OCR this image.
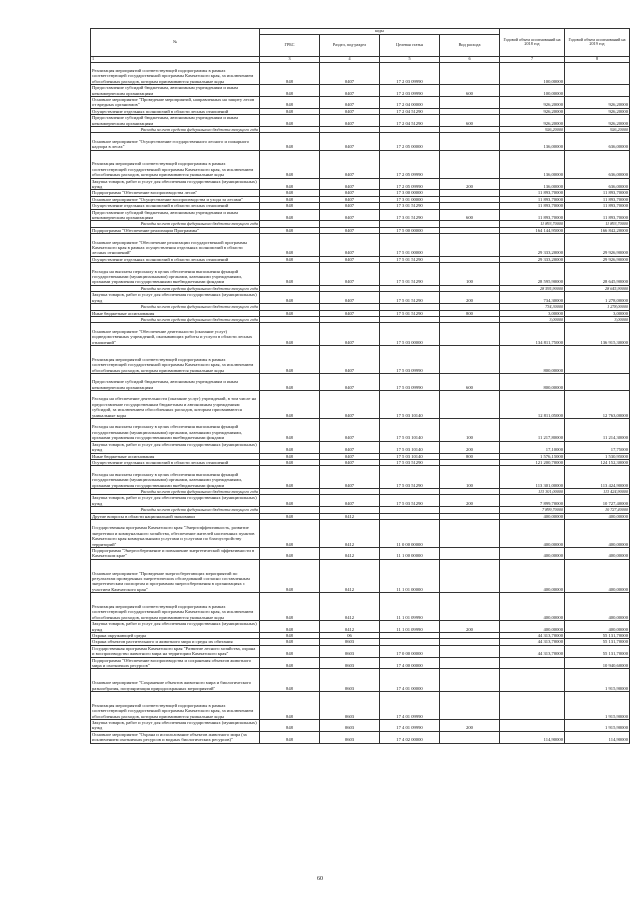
№	коды				Годовой объем ассигнований на 2018 год	Годовой объем ассигнований на 2019 год
	ГРБС	Раздел, под-раздел	Целевая статья	Вид расхода		
1	3	4	5	6	7	8
Реализация мероприятий соответствующей подпрограммы в рамках соответствующей государственной программы Камчатского края, за исключением обособленных расходов, которым присваиваются уникальные коды	848	0407	17 2 03 09990		100,00000	
Предоставление субсидий бюджетным, автономным учреждениям и иным некоммерческим организациям	848	0407	17 2 03 09990	600	100,00000	
Основное мероприятие "Проведение мероприятий, направленных на защиту лесов от вредных организмов"	848	0407	17 2 04 00000		926,20000	926,20000
Осуществление отдельных полномочий в области лесных отношений	848	0407	17 2 04 51290		926,20000	926,20000
Предоставление субсидий бюджетным, автономным учреждениям и иным некоммерческим организациям	848	0407	17 2 04 51290	600	926,20000	926,20000
Расходы за счет средств федерального бюджета текущего года					926,20000	926,20000
Основное мероприятие "Осуществление государственного лесного и пожарного надзора в лесах"	848	0407	17 2 05 00000		136,00000	636,00000
Реализация мероприятий соответствующей подпрограммы в рамках соответствующей государственной программы Камчатского края, за исключением обособленных расходов, которым присваиваются уникальные коды	848	0407	17 2 05 09990		136,00000	636,00000
Закупка товаров, работ и услуг для обеспечения государственных (муниципальных) нужд	848	0407	17 2 05 09990	200	136,00000	636,00000
Подпрограмма "Обеспечение воспроизводства лесов"	848	0407	17 3 00 00000		11 893,70000	11 893,70000
Основное мероприятие "Осуществление воспроизводства и ухода за лесами"	848	0407	17 3 01 00000		11 893,70000	11 893,70000
Осуществление отдельных полномочий в области лесных отношений	848	0407	17 3 01 51290		11 893,70000	11 893,70000
Предоставление субсидий бюджетным, автономным учреждениям и иным некоммерческим организациям	848	0407	17 3 01 51290	600	11 893,70000	11 893,70000
Расходы за счет средств федерального бюджета текущего года					11 893,70000	11 893,70000
Подпрограмма "Обеспечение реализации Программы"	848	0407	17 5 00 00000		164 144,95000	166 842,20000
Основное мероприятие "Обеспечение реализации государственной программы Камчатского края в рамках осуществления отдельных полномочий в области лесных отношений"	848	0407	17 5 01 00000		29 333,20000	29 926,90000
Осуществление отдельных полномочий в области лесных отношений	848	0407	17 5 01 51290		29 333,20000	29 926,90000
Расходы на выплаты персоналу в целях обеспечения выполнения функций государственными (муниципальными) органами, казенными учреждениями, органами управления государственными внебюджетными фондами	848	0407	17 5 01 51290	100	28 595,90000	28 645,90000
Расходы за счет средств федерального бюджета текущего года					28 595,90000	28 645,90000
Закупка товаров, работ и услуг для обеспечения государственных (муниципальных) нужд	848	0407	17 5 01 51290	200	734,30000	1 278,00000
Расходы за счет средств федерального бюджета текущего года					734,30000	1 278,00000
Иные бюджетные ассигнования	848	0407	17 5 01 51290	800	3,00000	3,00000
Расходы за счет средств федерального бюджета текущего года					3,00000	3,00000
Основное мероприятие "Обеспечение деятельности (оказание услуг) подведомственных учреждений, оказывающих работы и услуги в области лесных отношений"	848	0407	17 5 03 00000		134 811,75000	136 915,30000
Реализация мероприятий соответствующей подпрограммы в рамках соответствующей государственной программы Камчатского края, за исключением обособленных расходов, которым присваиваются уникальные коды	848	0407	17 5 03 09990		800,00000	
Предоставление субсидий бюджетным, автономным учреждениям и иным некоммерческим организациям	848	0407	17 5 03 09990	600	800,00000	
Расходы на обеспечение деятельности (оказание услуг) учреждений, в том числе на предоставление государственным бюджетным и автономным учреждениям субсидий, за исключением обособленных расходов, которым присваиваются уникальные коды	848	0407	17 5 03 10140		12 811,05000	12 763,00000
Расходы на выплаты персоналу в целях обеспечения выполнения функций государственными (муниципальными) органами, казенными учреждениями, органами управления государственными внебюджетными фондами	848	0407	17 5 03 10140	100	11 217,80000	11 214,30000
Закупка товаров, работ и услуг для обеспечения государственных (муниципальных) нужд	848	0407	17 5 03 10140	200	17,10000	17,75000
Иные бюджетные ассигнования	848	0407	17 5 03 10140	800	1 576,15000	1 530,95000
Осуществление отдельных полномочий в области лесных отношений	848	0407	17 5 03 51290		121 200,70000	124 152,30000
Расходы на выплаты персоналу в целях обеспечения выполнения функций государственными (муниципальными) органами, казенными учреждениями, органами управления государственными внебюджетными фондами	848	0407	17 5 03 51290	100	113 301,00000	113 424,90000
Расходы за счет средств федерального бюджета текущего года					113 301,00000	113 424,90000
Закупка товаров, работ и услуг для обеспечения государственных (муниципальных) нужд	848	0407	17 5 03 51290	200	7 899,70000	10 727,40000
Расходы за счет средств федерального бюджета текущего года					7 899,70000	10 727,40000
Другие вопросы в области национальной экономики	848	0412			400,00000	400,00000
Государственная программа Камчатского края "Энергоэффективность, развитие энергетики и коммунального хозяйства, обеспечение жителей населенных пунктов Камчатского края коммунальными услугами и услугами по благоустройству территорий"	848	0412	11 0 00 00000		400,00000	400,00000
Подпрограмма "Энергосбережение и повышение энергетической эффективности в Камчатском крае"	848	0412	11 1 00 00000		400,00000	400,00000
Основное мероприятие "Проведение энергосберегающих мероприятий по результатам проведенных энергетических обследований согласно составленным энергетическим паспортам и программам энергосбережения в организациях с участием Камчатского края"	848	0412	11 1 01 00000		400,00000	400,00000
Реализация мероприятий соответствующей подпрограммы в рамках соответствующей государственной программы Камчатского края, за исключением обособленных расходов, которым присваиваются уникальные коды	848	0412	11 1 01 09990		400,00000	400,00000
Закупка товаров, работ и услуг для обеспечения государственных (муниципальных) нужд	848	0412	11 1 01 09990	200	400,00000	400,00000
Охрана окружающей среды	848	06			44 313,70000	55 131,70000
Охрана объектов растительного и животного мира и среды их обитания	848	0603			44 313,70000	55 131,70000
Государственная программа Камчатского края "Развитие лесного хозяйства, охрана и воспроизводство животного мира на территории Камчатского края"	848	0603	17 0 00 00000		44 313,70000	55 131,70000
Подпрограмма "Обеспечение воспроизводства и сохранения объектов животного мира и охотничьих ресурсов"	848	0603	17 4 00 00000			10 940,60000
Основное мероприятие "Сохранение объектов животного мира и биологического разнообразия, популяризация природоохранных мероприятий"	848	0603	17 4 01 00000			1 915,90000
Реализация мероприятий соответствующей подпрограммы в рамках соответствующей государственной программы Камчатского края, за исключением обособленных расходов, которым присваиваются уникальные коды	848	0603	17 4 01 09990			1 915,90000
Закупка товаров, работ и услуг для обеспечения государственных (муниципальных) нужд	848	0603	17 4 01 09990	200		1 915,90000
Основное мероприятие "Охрана и использование объектов животного мира (за исключением охотничьих ресурсов и водных биологических ресурсов)"	848	0603	17 4 02 00000		114,90000	114,90000
60
